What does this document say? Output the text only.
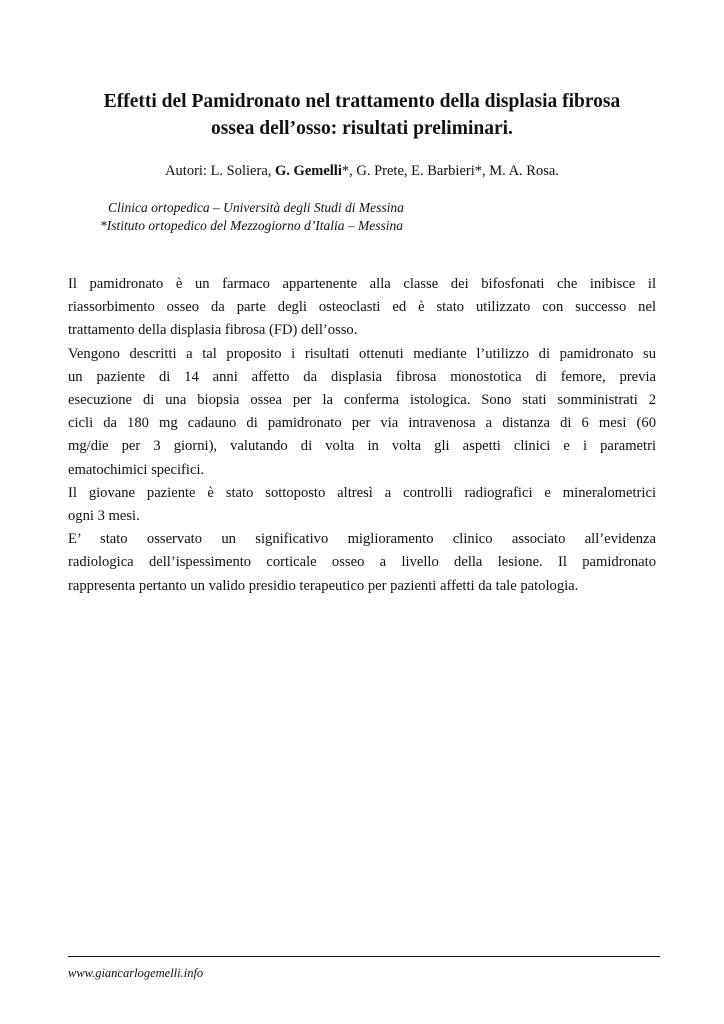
Effetti del Pamidronato nel trattamento della displasia fibrosa
ossea dell’osso: risultati preliminari.
Autori: L. Soliera, G. Gemelli*, G. Prete, E. Barbieri*, M. A. Rosa.
Clinica ortopedica – Università degli Studi di Messina
*Istituto ortopedico del Mezzogiorno d’Italia – Messina

Il pamidronato è un farmaco appartenente alla classe dei bifosfonati che inibisce il
riassorbimento osseo da parte degli osteoclasti ed è stato utilizzato con successo nel
trattamento della displasia fibrosa (FD) dell’osso.

Vengono descritti a tal proposito i risultati ottenuti mediante l’utilizzo di pamidronato su
un paziente di 14 anni affetto da displasia fibrosa monostotica di femore, previa
esecuzione di una biopsia ossea per la conferma istologica. Sono stati somministrati 2
cicli da 180 mg cadauno di pamidronato per via intravenosa a distanza di 6 mesi (60
mg/die per 3 giorni), valutando di volta in volta gli aspetti clinici e i parametri
ematochimici specifici.

Il giovane paziente è stato sottoposto altresì a controlli radiografici e mineralometrici
ogni 3 mesi.

E’ stato osservato un significativo miglioramento clinico associato all’evidenza
radiologica dell’ispessimento corticale osseo a livello della lesione. Il pamidronato
rappresenta pertanto un valido presidio terapeutico per pazienti affetti da tale patologia.

www.giancarlogemelli.info
